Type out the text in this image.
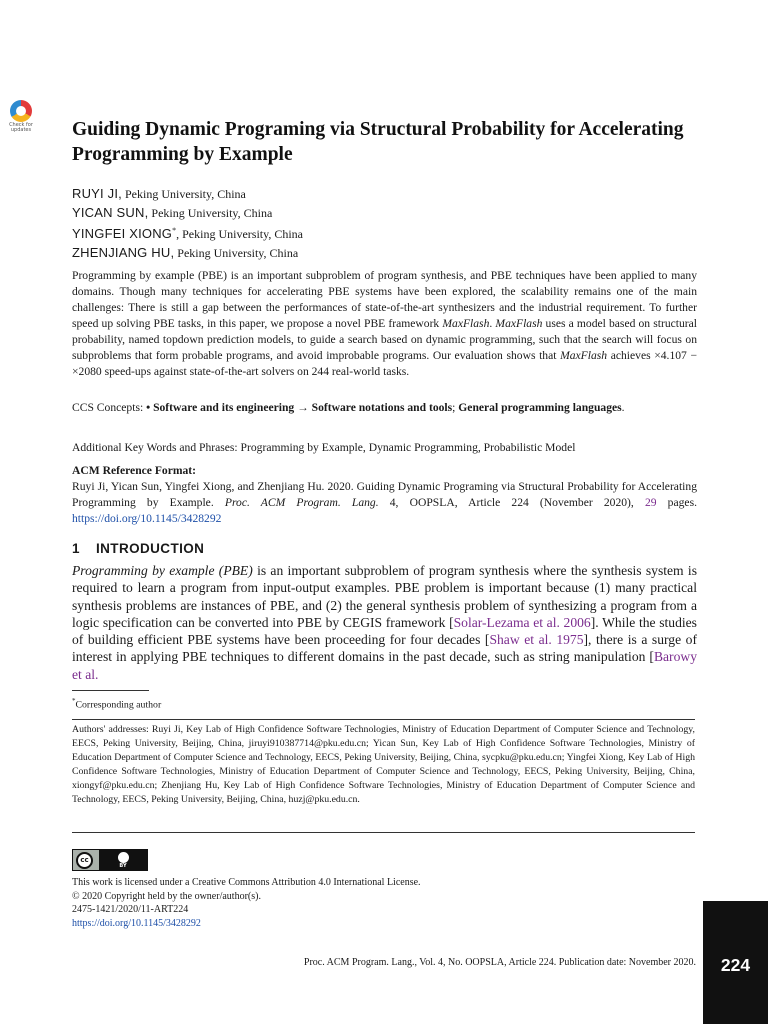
Check for
updates Guiding Dynamic Programing via Structural Probability for Accelerating Programming by Example
RUYI JI, Peking University, China
YICAN SUN, Peking University, China
YINGFEI XIONG*, Peking University, China
ZHENJIANG HU, Peking University, China
Programming by example (PBE) is an important subproblem of program synthesis, and PBE techniques have been applied to many domains. Though many techniques for accelerating PBE systems have been explored, the scalability remains one of the main challenges: There is still a gap between the performances of state-of-the-art synthesizers and the industrial requirement. To further speed up solving PBE tasks, in this paper, we propose a novel PBE framework MaxFlash. MaxFlash uses a model based on structural probability, named topdown prediction models, to guide a search based on dynamic programming, such that the search will focus on subproblems that form probable programs, and avoid improbable programs. Our evaluation shows that MaxFlash achieves ×4.107 − ×2080 speed-ups against state-of-the-art solvers on 244 real-world tasks.
CCS Concepts: • Software and its engineering → Software notations and tools; General programming languages.
Additional Key Words and Phrases: Programming by Example, Dynamic Programming, Probabilistic Model
ACM Reference Format:
Ruyi Ji, Yican Sun, Yingfei Xiong, and Zhenjiang Hu. 2020. Guiding Dynamic Programing via Structural Probability for Accelerating Programming by Example. Proc. ACM Program. Lang. 4, OOPSLA, Article 224 (November 2020), 29 pages. https://doi.org/10.1145/3428292
1 INTRODUCTION
Programming by example (PBE) is an important subproblem of program synthesis where the synthesis system is required to learn a program from input-output examples. PBE problem is important because (1) many practical synthesis problems are instances of PBE, and (2) the general synthesis problem of synthesizing a program from a logic specification can be converted into PBE by CEGIS framework [Solar-Lezama et al. 2006]. While the studies of building efficient PBE systems have been proceeding for four decades [Shaw et al. 1975], there is a surge of interest in applying PBE techniques to different domains in the past decade, such as string manipulation [Barowy et al.
*Corresponding author
Authors' addresses: Ruyi Ji, Key Lab of High Confidence Software Technologies, Ministry of Education Department of Computer Science and Technology, EECS, Peking University, Beijing, China, jiruyi910387714@pku.edu.cn; Yican Sun, Key Lab of High Confidence Software Technologies, Ministry of Education Department of Computer Science and Technology, EECS, Peking University, Beijing, China, sycpku@pku.edu.cn; Yingfei Xiong, Key Lab of High Confidence Software Technologies, Ministry of Education Department of Computer Science and Technology, EECS, Peking University, Beijing, China, xiongyf@pku.edu.cn; Zhenjiang Hu, Key Lab of High Confidence Software Technologies, Ministry of Education Department of Computer Science and Technology, EECS, Peking University, Beijing, China, huzj@pku.edu.cn.
cc
BY
This work is licensed under a Creative Commons Attribution 4.0 International License.
© 2020 Copyright held by the owner/author(s).
2475-1421/2020/11-ART224
https://doi.org/10.1145/3428292
Proc. ACM Program. Lang., Vol. 4, No. OOPSLA, Article 224. Publication date: November 2020.	224
